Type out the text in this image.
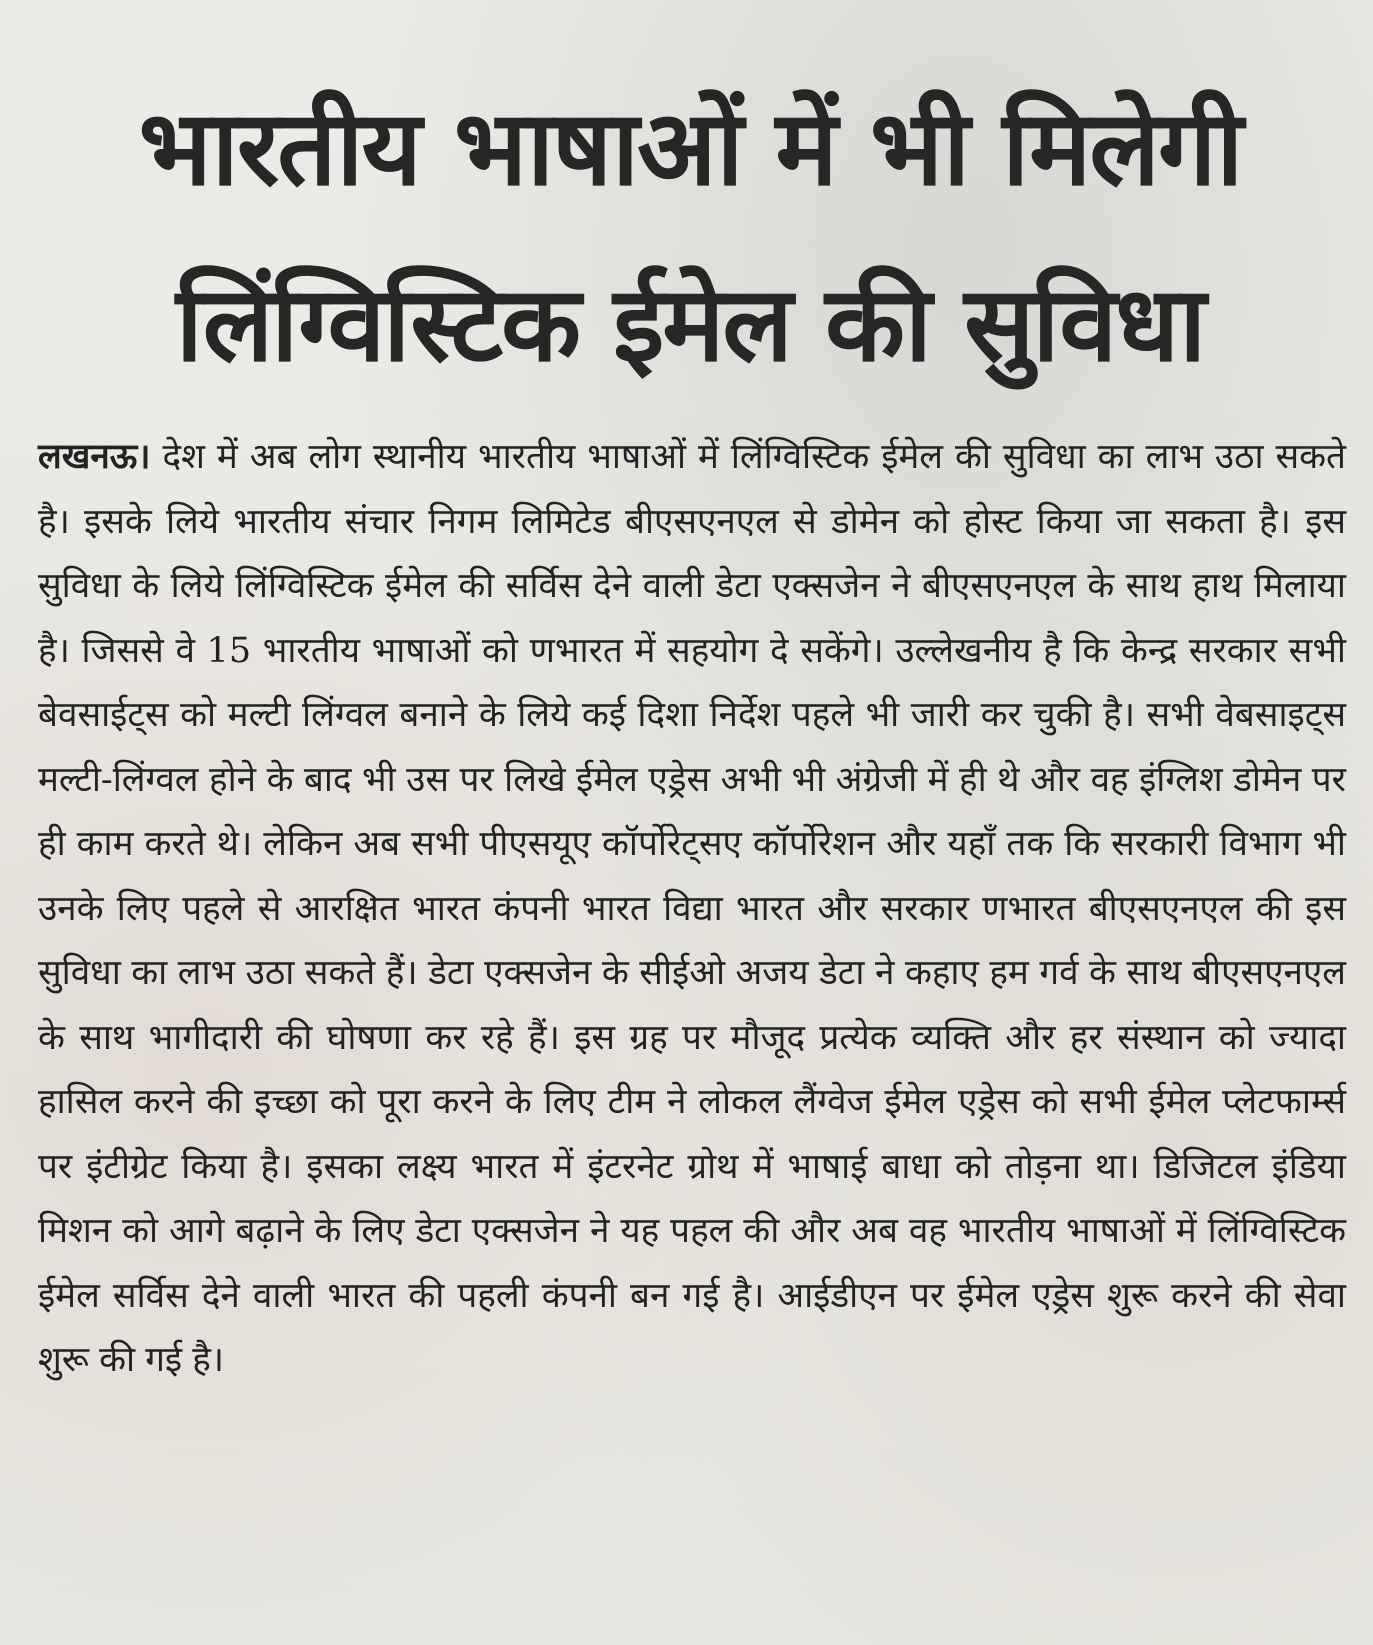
भारतीय भाषाओं में भी मिलेगी
लिंग्विस्टिक ईमेल की सुविधा

लखनऊ। देश में अब लोग स्थानीय भारतीय भाषाओं में लिंग्विस्टिक ईमेल की सुविधा का लाभ उठा सकते है। इसके लिये भारतीय संचार निगम लिमिटेड बीएसएनएल से डोमेन को होस्ट किया जा सकता है। इस सुविधा के लिये लिंग्विस्टिक ईमेल की सर्विस देने वाली डेटा एक्सजेन ने बीएसएनएल के साथ हाथ मिलाया है। जिससे वे 15 भारतीय भाषाओं को णभारत में सहयोग दे सकेंगे। उल्लेखनीय है कि केन्द्र सरकार सभी बेवसाईट्स को मल्टी लिंग्वल बनाने के लिये कई दिशा निर्देश पहले भी जारी कर चुकी है। सभी वेबसाइट्स मल्टी-लिंग्वल होने के बाद भी उस पर लिखे ईमेल एड्रेस अभी भी अंग्रेजी में ही थे और वह इंग्लिश डोमेन पर ही काम करते थे। लेकिन अब सभी पीएसयूए कॉर्पोरेट्सए कॉर्पोरेशन और यहाँ तक कि सरकारी विभाग भी उनके लिए पहले से आरक्षित भारत कंपनी भारत विद्या भारत और सरकार णभारत बीएसएनएल की इस सुविधा का लाभ उठा सकते हैं। डेटा एक्सजेन के सीईओ अजय डेटा ने कहाए हम गर्व के साथ बीएसएनएल के साथ भागीदारी की घोषणा कर रहे हैं। इस ग्रह पर मौजूद प्रत्येक व्यक्ति और हर संस्थान को ज्यादा हासिल करने की इच्छा को पूरा करने के लिए टीम ने लोकल लैंग्वेज ईमेल एड्रेस को सभी ईमेल प्लेटफार्म्स पर इंटीग्रेट किया है। इसका लक्ष्य भारत में इंटरनेट ग्रोथ में भाषाई बाधा को तोड़ना था। डिजिटल इंडिया मिशन को आगे बढ़ाने के लिए डेटा एक्सजेन ने यह पहल की और अब वह भारतीय भाषाओं में लिंग्विस्टिक ईमेल सर्विस देने वाली भारत की पहली कंपनी बन गई है। आईडीएन पर ईमेल एड्रेस शुरू करने की सेवा शुरू की गई है।
